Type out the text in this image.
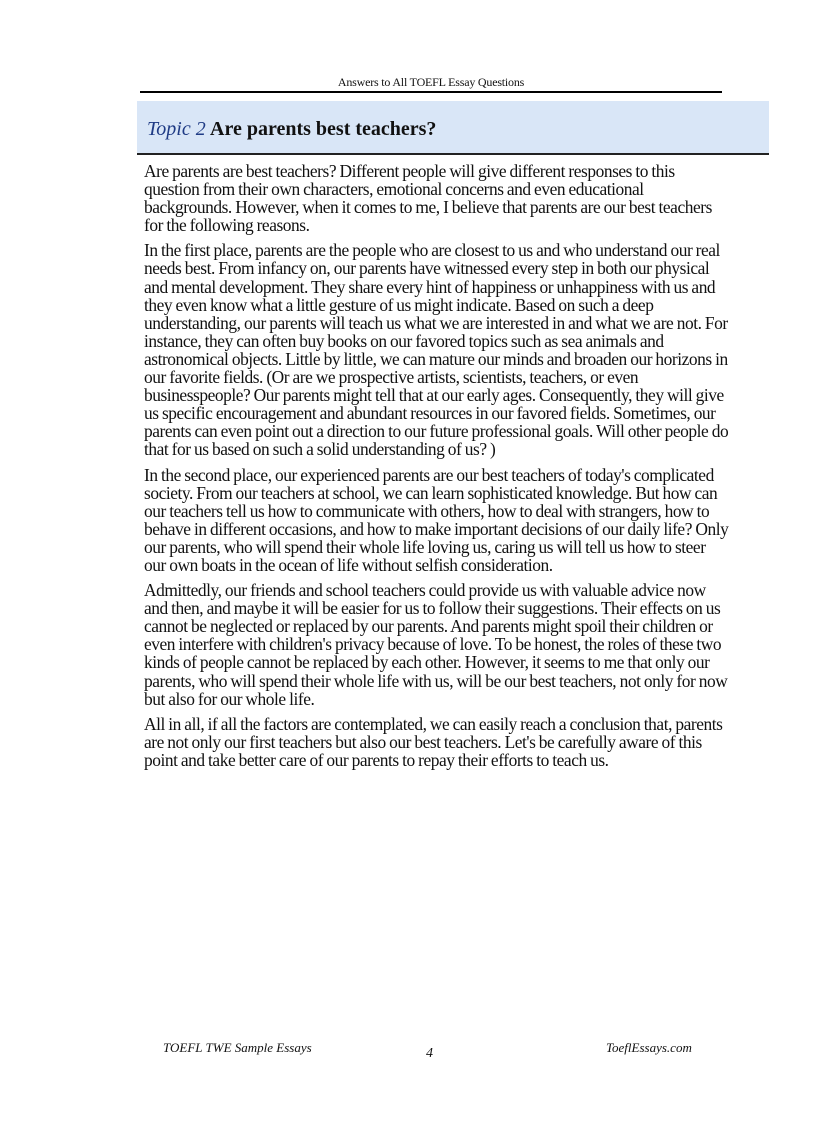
Answers to All TOEFL Essay Questions
Topic 2 Are parents best teachers?

Are parents are best teachers? Different people will give different responses to this question from their own characters, emotional concerns and even educational backgrounds. However, when it comes to me, I believe that parents are our best teachers for the following reasons.

In the first place, parents are the people who are closest to us and who understand our real needs best. From infancy on, our parents have witnessed every step in both our physical and mental development. They share every hint of happiness or unhappiness with us and they even know what a little gesture of us might indicate. Based on such a deep understanding, our parents will teach us what we are interested in and what we are not. For instance, they can often buy books on our favored topics such as sea animals and astronomical objects. Little by little, we can mature our minds and broaden our horizons in our favorite fields. (Or are we prospective artists, scientists, teachers, or even businesspeople? Our parents might tell that at our early ages. Consequently, they will give us specific encouragement and abundant resources in our favored fields. Sometimes, our parents can even point out a direction to our future professional goals. Will other people do that for us based on such a solid understanding of us? )

In the second place, our experienced parents are our best teachers of today's complicated society. From our teachers at school, we can learn sophisticated knowledge. But how can our teachers tell us how to communicate with others, how to deal with strangers, how to behave in different occasions, and how to make important decisions of our daily life? Only our parents, who will spend their whole life loving us, caring us will tell us how to steer our own boats in the ocean of life without selfish consideration.

Admittedly, our friends and school teachers could provide us with valuable advice now and then, and maybe it will be easier for us to follow their suggestions. Their effects on us cannot be neglected or replaced by our parents. And parents might spoil their children or even interfere with children's privacy because of love. To be honest, the roles of these two kinds of people cannot be replaced by each other. However, it seems to me that only our parents, who will spend their whole life with us, will be our best teachers, not only for now but also for our whole life.

All in all, if all the factors are contemplated, we can easily reach a conclusion that, parents are not only our first teachers but also our best teachers. Let's be carefully aware of this point and take better care of our parents to repay their efforts to teach us.

TOEFL TWE Sample Essays	4	ToeflEssays.com
